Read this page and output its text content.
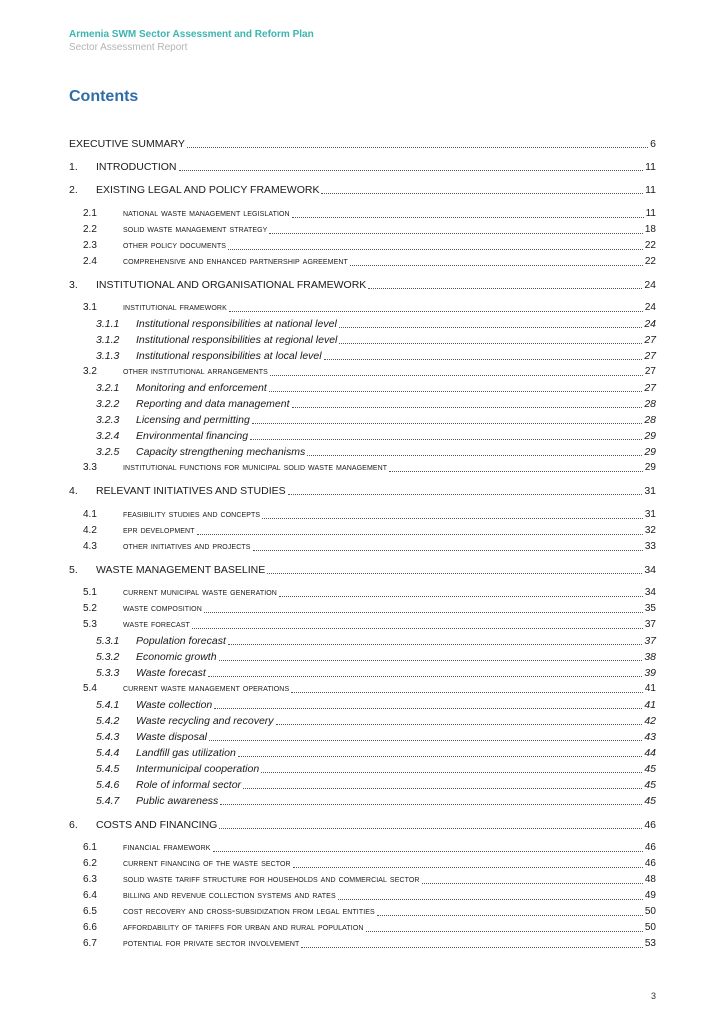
Armenia SWM Sector Assessment and Reform Plan
Sector Assessment Report
Contents
EXECUTIVE SUMMARY	6
1.	INTRODUCTION	11
2.	EXISTING LEGAL AND POLICY FRAMEWORK	11
2.1	national waste management legislation	11
2.2	solid waste management strategy	18
2.3	other policy documents	22
2.4	comprehensive and enhanced partnership agreement	22
3.	INSTITUTIONAL AND ORGANISATIONAL FRAMEWORK	24
3.1	institutional framework	24
3.1.1	Institutional responsibilities at national level	24
3.1.2	Institutional responsibilities at regional level	27
3.1.3	Institutional responsibilities at local level	27
3.2	other institutional arrangements	27
3.2.1	Monitoring and enforcement	27
3.2.2	Reporting and data management	28
3.2.3	Licensing and permitting	28
3.2.4	Environmental financing	29
3.2.5	Capacity strengthening mechanisms	29
3.3	institutional functions for municipal solid waste management	29
4.	RELEVANT INITIATIVES AND STUDIES	31
4.1	feasibility studies and concepts	31
4.2	epr development	32
4.3	other initiatives and projects	33
5.	WASTE MANAGEMENT BASELINE	34
5.1	current municipal waste generation	34
5.2	waste composition	35
5.3	waste forecast	37
5.3.1	Population forecast	37
5.3.2	Economic growth	38
5.3.3	Waste forecast	39
5.4	current waste management operations	41
5.4.1	Waste collection	41
5.4.2	Waste recycling and recovery	42
5.4.3	Waste disposal	43
5.4.4	Landfill gas utilization	44
5.4.5	Intermunicipal cooperation	45
5.4.6	Role of informal sector	45
5.4.7	Public awareness	45
6.	COSTS AND FINANCING	46
6.1	financial framework	46
6.2	current financing of the waste sector	46
6.3	solid waste tariff structure for households and commercial sector	48
6.4	billing and revenue collection systems and rates	49
6.5	cost recovery and cross-subsidization from legal entities	50
6.6	affordability of tariffs for urban and rural population	50
6.7	potential for private sector involvement	53
3
